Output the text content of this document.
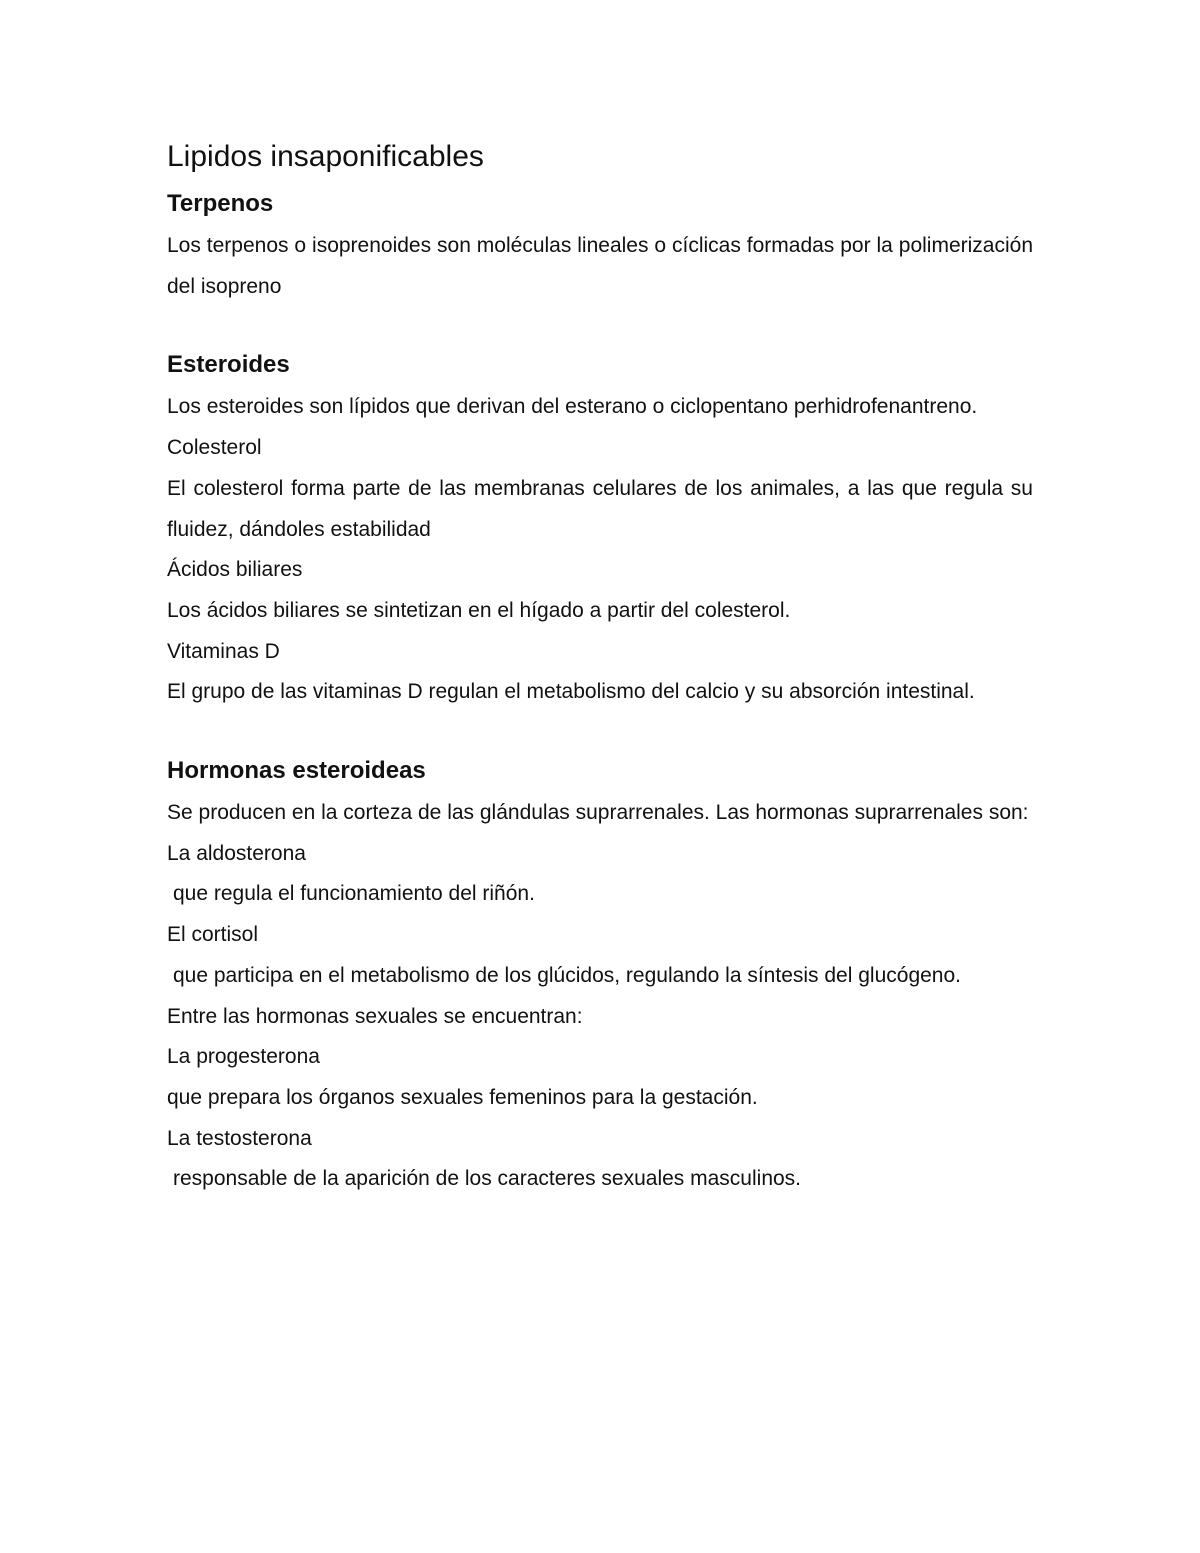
Lipidos insaponificables
Terpenos

Los terpenos o isoprenoides son moléculas lineales o cíclicas formadas por la polimerización del isopreno

Esteroides

Los esteroides son lípidos que derivan del esterano o ciclopentano perhidrofenantreno.

Colesterol

El colesterol forma parte de las membranas celulares de los animales, a las que regula su fluidez, dándoles estabilidad

Ácidos biliares

Los ácidos biliares se sintetizan en el hígado a partir del colesterol.

Vitaminas D

El grupo de las vitaminas D regulan el metabolismo del calcio y su absorción intestinal.

Hormonas esteroideas

Se producen en la corteza de las glándulas suprarrenales. Las hormonas suprarrenales son:

La aldosterona

que regula el funcionamiento del riñón.

El cortisol

que participa en el metabolismo de los glúcidos, regulando la síntesis del glucógeno.

Entre las hormonas sexuales se encuentran:

La progesterona

que prepara los órganos sexuales femeninos para la gestación.

La testosterona

responsable de la aparición de los caracteres sexuales masculinos.
